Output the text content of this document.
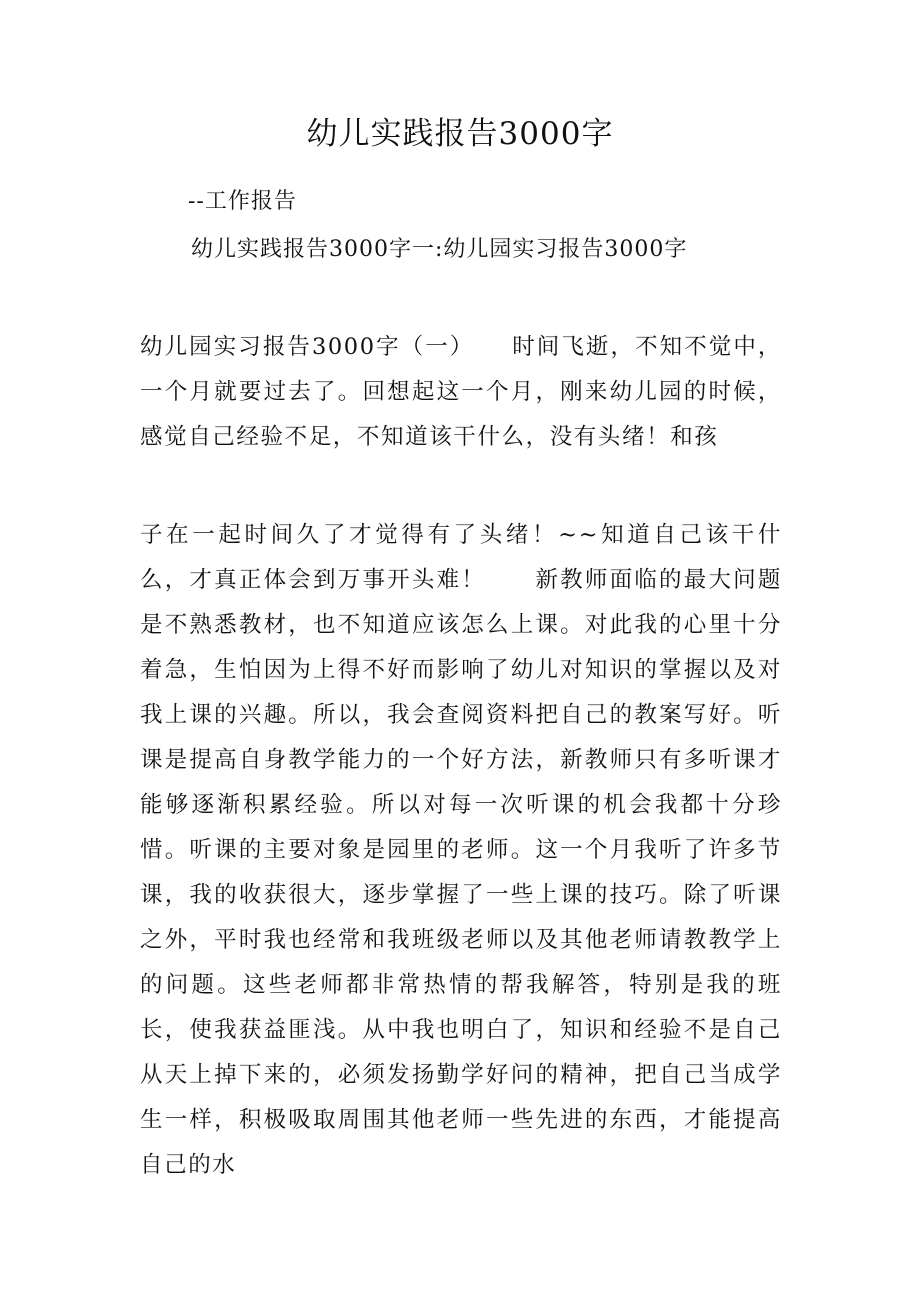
幼儿实践报告3000字
--工作报告
幼儿实践报告3000字一:幼儿园实习报告3000字
幼儿园实习报告3000字（一）　　时间飞逝，不知不觉中，一个月就要过去了。回想起这一个月，刚来幼儿园的时候，感觉自己经验不足，不知道该干什么，没有头绪！和孩
子在一起时间久了才觉得有了头绪！~~知道自己该干什么，才真正体会到万事开头难！　　新教师面临的最大问题是不熟悉教材，也不知道应该怎么上课。对此我的心里十分着急，生怕因为上得不好而影响了幼儿对知识的掌握以及对我上课的兴趣。所以，我会查阅资料把自己的教案写好。听课是提高自身教学能力的一个好方法，新教师只有多听课才能够逐渐积累经验。所以对每一次听课的机会我都十分珍惜。听课的主要对象是园里的老师。这一个月我听了许多节课，我的收获很大，逐步掌握了一些上课的技巧。除了听课之外，平时我也经常和我班级老师以及其他老师请教教学上的问题。这些老师都非常热情的帮我解答，特别是我的班长，使我获益匪浅。从中我也明白了，知识和经验不是自己从天上掉下来的，必须发扬勤学好问的精神，把自己当成学生一样，积极吸取周围其他老师一些先进的东西，才能提高自己的水
